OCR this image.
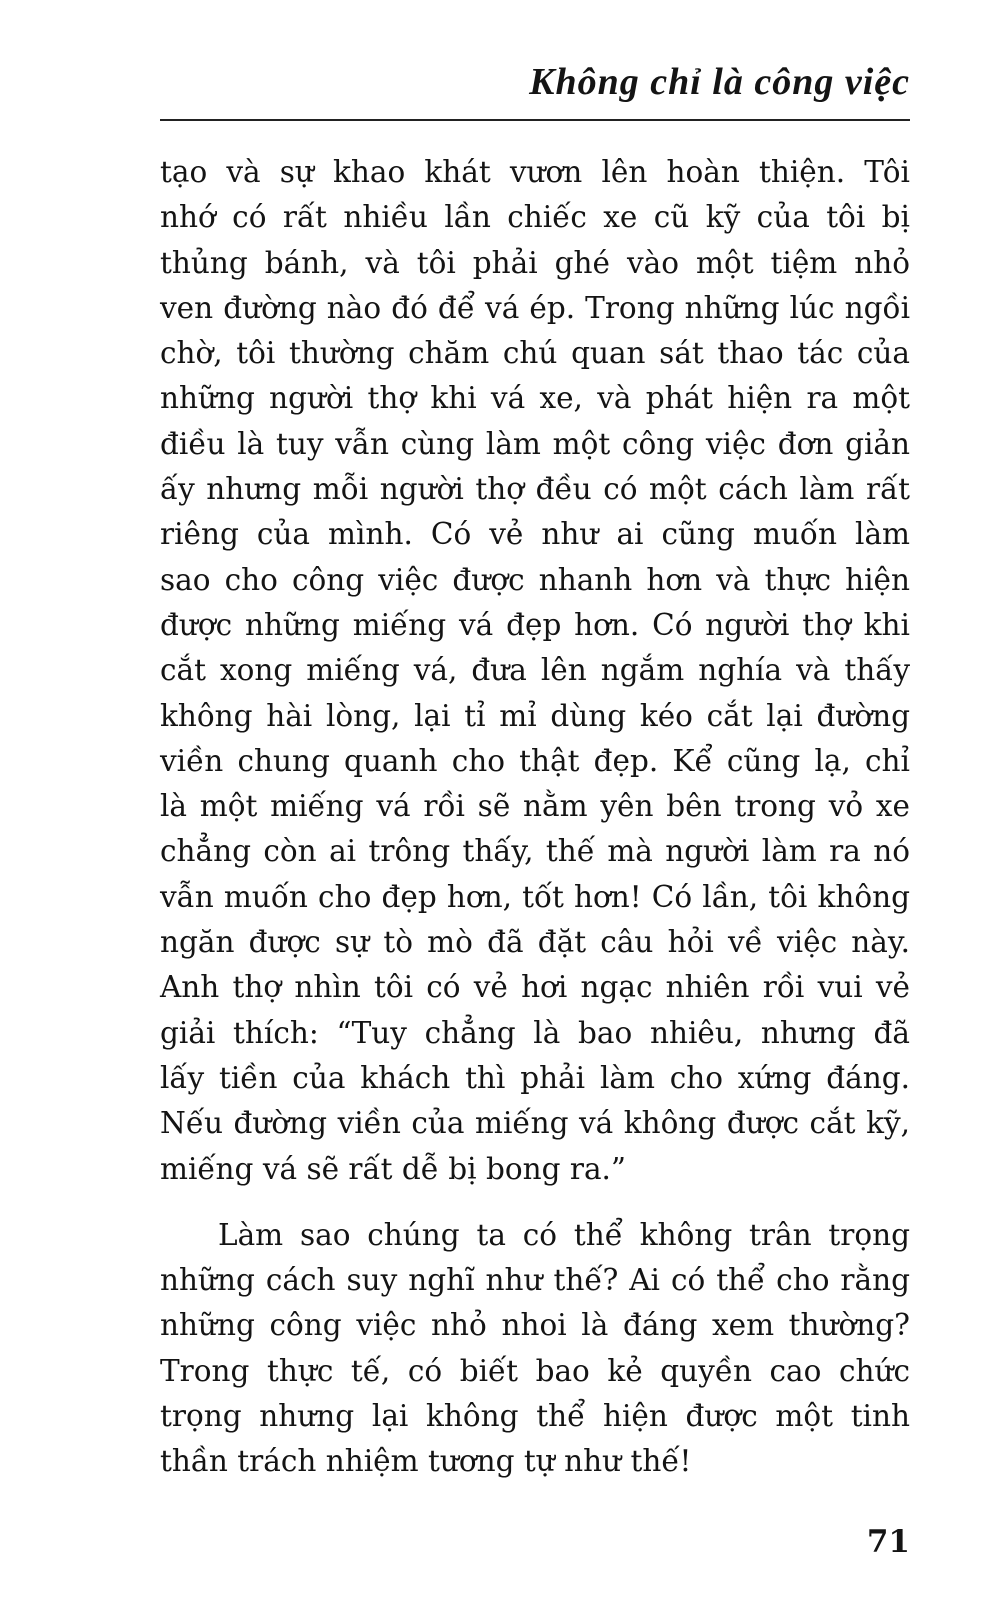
Không chỉ là công việc
tạo và sự khao khát vươn lên hoàn thiện. Tôi
nhớ có rất nhiều lần chiếc xe cũ kỹ của tôi bị
thủng bánh, và tôi phải ghé vào một tiệm nhỏ
ven đường nào đó để vá ép. Trong những lúc ngồi
chờ, tôi thường chăm chú quan sát thao tác của
những người thợ khi vá xe, và phát hiện ra một
điều là tuy vẫn cùng làm một công việc đơn giản
ấy nhưng mỗi người thợ đều có một cách làm rất
riêng của mình. Có vẻ như ai cũng muốn làm
sao cho công việc được nhanh hơn và thực hiện
được những miếng vá đẹp hơn. Có người thợ khi
cắt xong miếng vá, đưa lên ngắm nghía và thấy
không hài lòng, lại tỉ mỉ dùng kéo cắt lại đường
viền chung quanh cho thật đẹp. Kể cũng lạ, chỉ
là một miếng vá rồi sẽ nằm yên bên trong vỏ xe
chẳng còn ai trông thấy, thế mà người làm ra nó
vẫn muốn cho đẹp hơn, tốt hơn! Có lần, tôi không
ngăn được sự tò mò đã đặt câu hỏi về việc này.
Anh thợ nhìn tôi có vẻ hơi ngạc nhiên rồi vui vẻ
giải thích: “Tuy chẳng là bao nhiêu, nhưng đã
lấy tiền của khách thì phải làm cho xứng đáng.
Nếu đường viền của miếng vá không được cắt kỹ,
miếng vá sẽ rất dễ bị bong ra.”
Làm sao chúng ta có thể không trân trọng
những cách suy nghĩ như thế? Ai có thể cho rằng
những công việc nhỏ nhoi là đáng xem thường?
Trong thực tế, có biết bao kẻ quyền cao chức
trọng nhưng lại không thể hiện được một tinh
thần trách nhiệm tương tự như thế!
71
